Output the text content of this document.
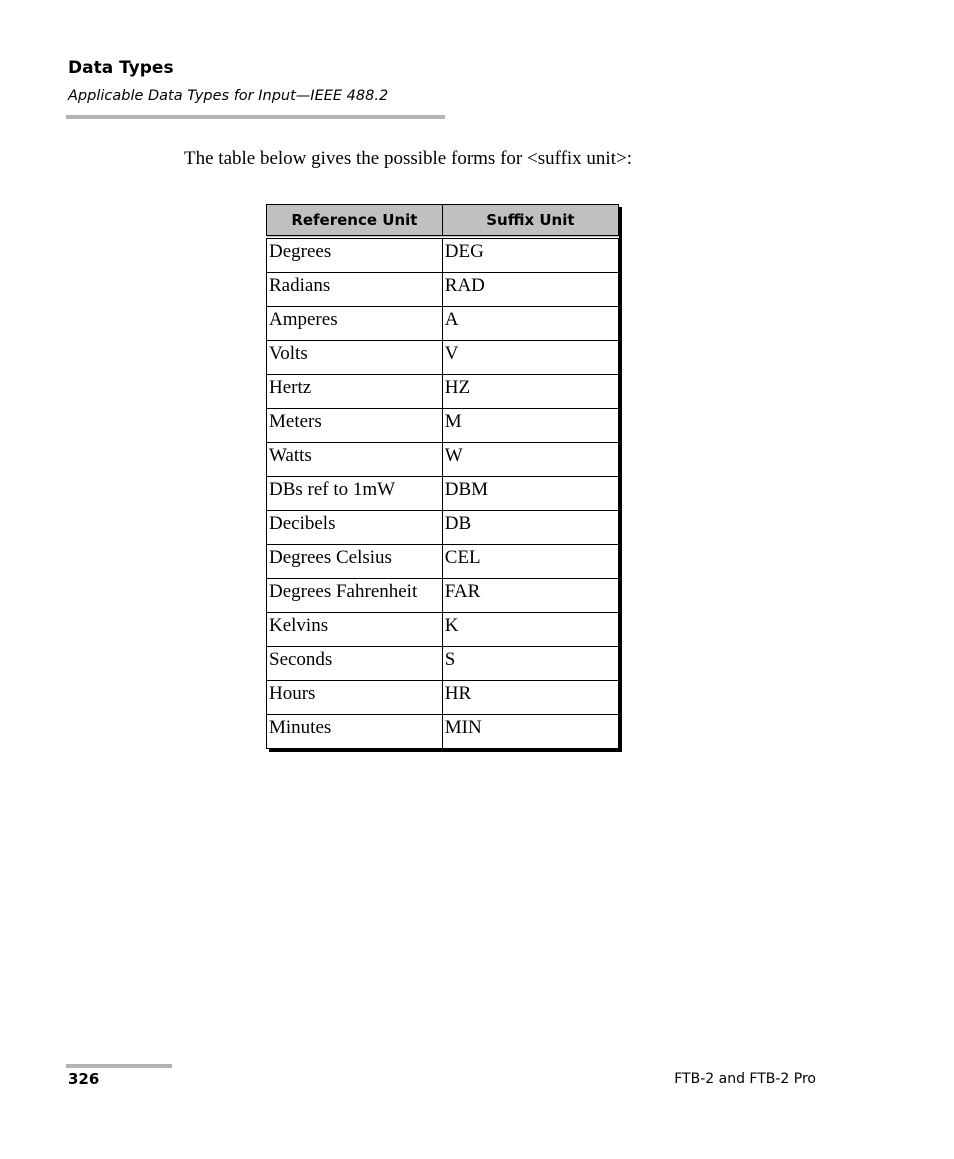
Data Types

Applicable Data Types for Input—IEEE 488.2

The table below gives the possible forms for <suffix unit>:

Reference Unit	Suffix Unit
Degrees	DEG
Radians	RAD
Amperes	A
Volts	V
Hertz	HZ
Meters	M
Watts	W
DBs ref to 1mW	DBM
Decibels	DB
Degrees Celsius	CEL
Degrees Fahrenheit	FAR
Kelvins	K
Seconds	S
Hours	HR
Minutes	MIN

326	FTB-2 and FTB-2 Pro
